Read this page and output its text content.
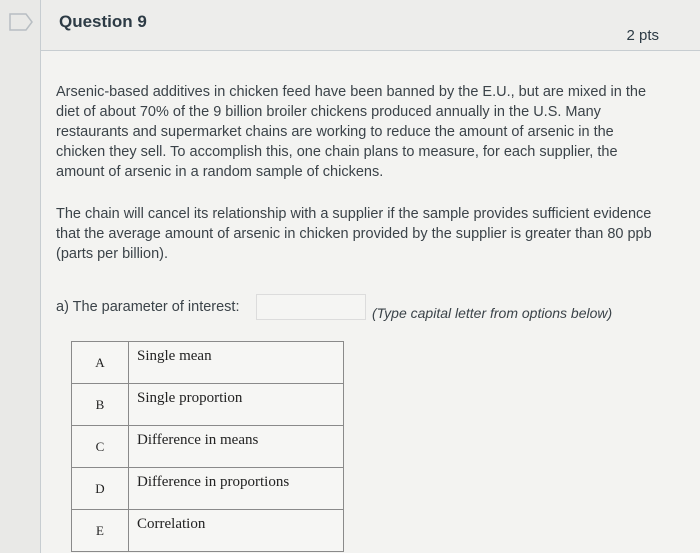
Question 9
2 pts
Arsenic-based additives in chicken feed have been banned by the E.U., but are mixed in the diet of about 70% of the 9 billion broiler chickens produced annually in the U.S. Many restaurants and supermarket chains are working to reduce the amount of arsenic in the chicken they sell. To accomplish this, one chain plans to measure, for each supplier, the amount of arsenic in a random sample of chickens.
The chain will cancel its relationship with a supplier if the sample provides sufficient evidence that the average amount of arsenic in chicken provided by the supplier is greater than 80 ppb (parts per billion).
a) The parameter of interest:	(Type capital letter from options below)
A	Single mean
B	Single proportion
C	Difference in means
D	Difference in proportions
E	Correlation
